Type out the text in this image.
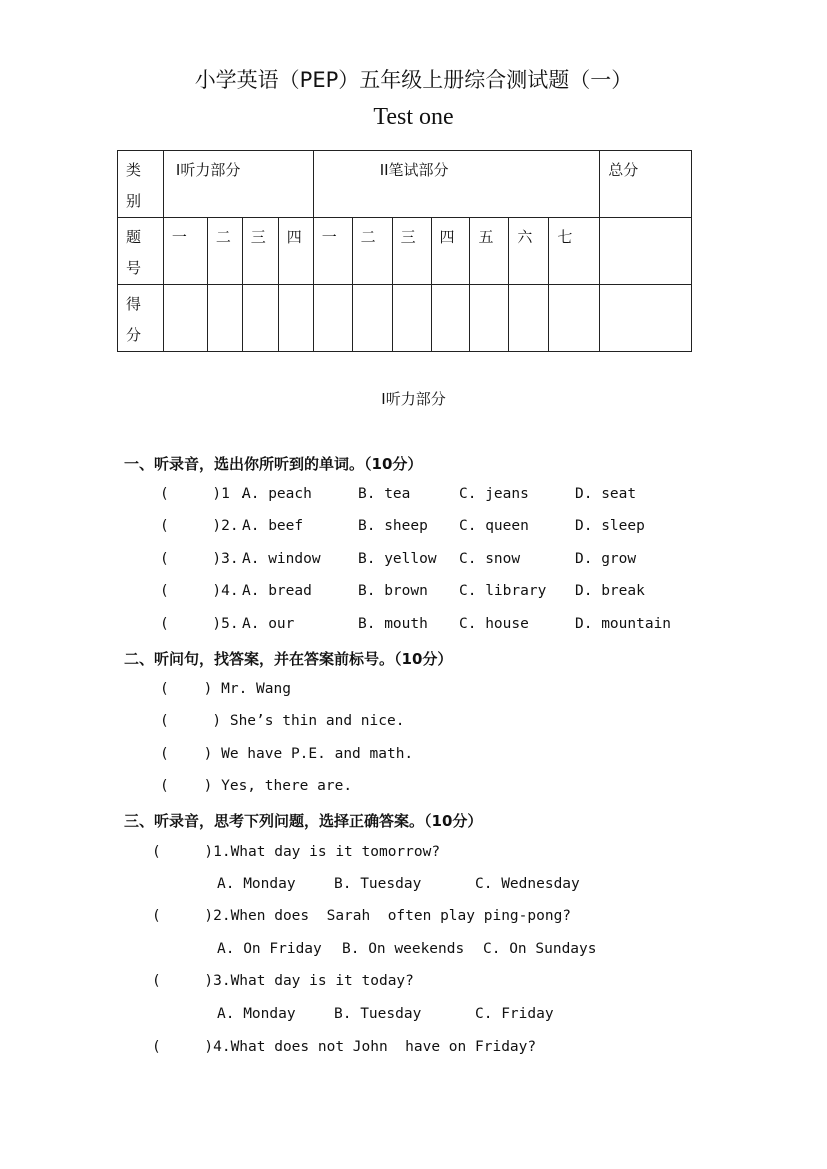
小学英语（PEP）五年级上册综合测试题（一）
Test one
类
别	I听力部分				II笔试部分							总分
题
号	一	二	三	四	一	二	三	四	五	六	七	
得
分												
I听力部分
一、听录音，选出你所听到的单词。（10分）
(     )1 .
A. peach	B. tea	C. jeans	D. seat
(     )2. A. beef	B. sheep C. queen	D. sleep
(     )3. A. window	B. yellow C. snow	D. grow
(     )4. A. bread	B. brown C. library D. break
(     )5. A. our	B. mouth C. house	D. mountain
二、听问句，找答案，并在答案前标号。（10分）
(    ) Mr. Wang
(     ) She’s thin and nice.
(    ) We have P.E. and math.
(    ) Yes, there are.
三、听录音，思考下列问题，选择正确答案。（10分）
(     )1.What day is it tomorrow?
A. Monday	B. Tuesday	C. Wednesday
(     )2.When does  Sarah  often play ping-pong?
A. On Friday B. On weekends C. On Sundays
(     )3.What day is it today?
A. Monday	B. Tuesday	C. Friday
(     )4.What does not John  have on Friday?
